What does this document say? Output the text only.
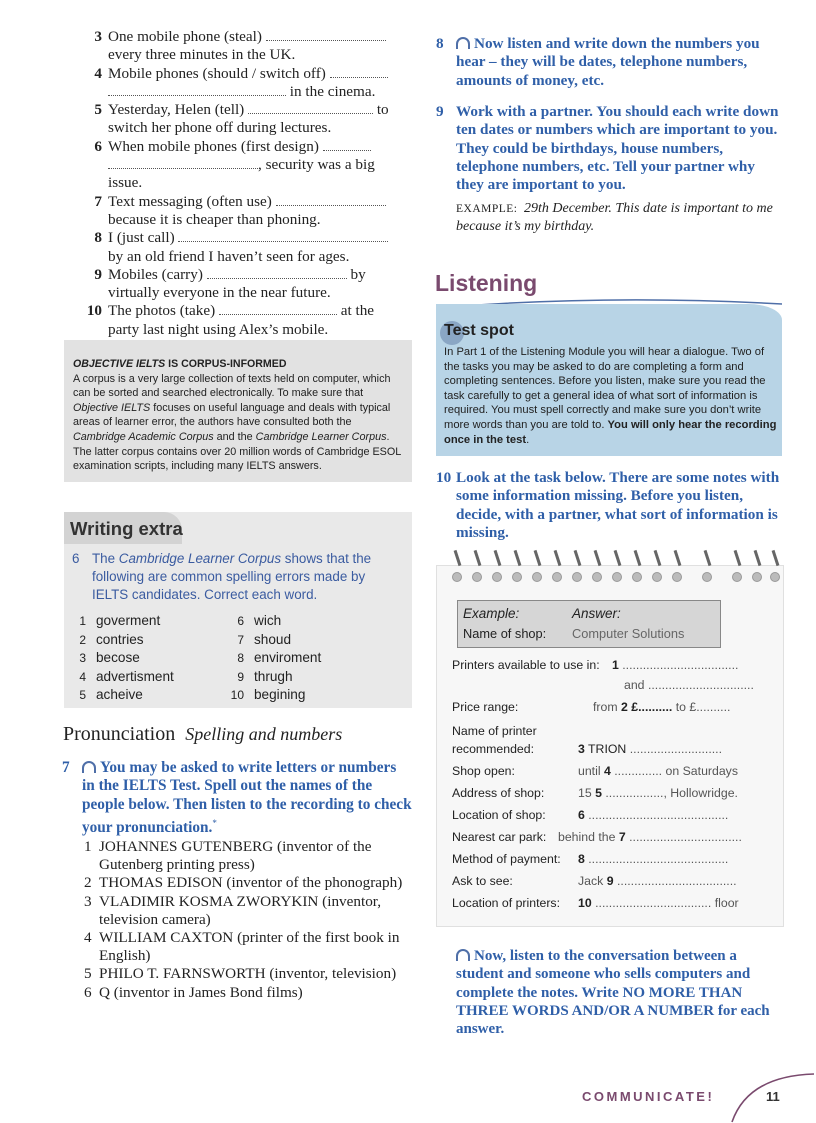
3 One mobile phone (steal)
every three minutes in the UK.
4 Mobile phones (should / switch off)
in the cinema.
5 Yesterday, Helen (tell)	to
switch her phone off during lectures.
6 When mobile phones (first design)
, security was a big issue.
7 Text messaging (often use)
because it is cheaper than phoning.
8 I (just call)
by an old friend I haven’t seen for ages.
9 Mobiles (carry)	by
virtually everyone in the near future.
10 The photos (take)	at the
party last night using Alex’s mobile.
OBJECTIVE IELTS IS CORPUS-INFORMED
A corpus is a very large collection of texts held on computer, which can be sorted and searched electronically. To make sure that Objective IELTS focuses on useful language and deals with typical areas of learner error, the authors have consulted both the Cambridge Academic Corpus and the Cambridge Learner Corpus. The latter corpus contains over 20 million words of Cambridge ESOL examination scripts, including many IELTS answers.
Writing extra
6 The Cambridge Learner Corpus shows that the following are common spelling errors made by IELTS candidates. Correct each word.
1 goverment
2 contries
3 becose
4 advertisment
5 acheive
6 wich
7 shoud
8 enviroment
9 thrugh
10 begining
Pronunciation Spelling and numbers
7 You may be asked to write letters or numbers in the IELTS Test. Spell out the names of the people below. Then listen to the recording to check your pronunciation.*
1 JOHANNES GUTENBERG (inventor of the Gutenberg printing press)
2 THOMAS EDISON (inventor of the phonograph)
3 VLADIMIR KOSMA ZWORYKIN (inventor, television camera)
4 WILLIAM CAXTON (printer of the first book in English)
5 PHILO T. FARNSWORTH (inventor, television)
6 Q (inventor in James Bond films)
8 Now listen and write down the numbers you hear – they will be dates, telephone numbers, amounts of money, etc.
9 Work with a partner. You should each write down ten dates or numbers which are important to you. They could be birthdays, house numbers, telephone numbers, etc. Tell your partner why they are important to you.
EXAMPLE: 29th December. This date is important to me because it’s my birthday.
Listening
Test spot
In Part 1 of the Listening Module you will hear a dialogue. Two of the tasks you may be asked to do are completing a form and completing sentences. Before you listen, make sure you read the task carefully to get a general idea of what sort of information is required. You must spell correctly and make sure you don’t write more words than you are told to. You will only hear the recording once in the test.
10 Look at the task below. There are some notes with some information missing. Before you listen, decide, with a partner, what sort of information is missing.
Example:	Answer:
Name of shop: Computer Solutions
Printers available to use in: 1 ..................................
and ...............................
Price range:	from 2 £.......... to £..........
Name of printer
recommended:	3 TRION ...........................
Shop open:	until 4 .............. on Saturdays
Address of shop:	15 5 ................., Hollowridge.
Location of shop:	6 .........................................
Nearest car park: behind the 7 .................................
Method of payment: 8 .........................................
Ask to see:	Jack 9 ...................................
Location of printers: 10 .................................. floor
Now, listen to the conversation between a student and someone who sells computers and complete the notes. Write NO MORE THAN THREE WORDS AND/OR A NUMBER for each answer.
COMMUNICATE!	11
